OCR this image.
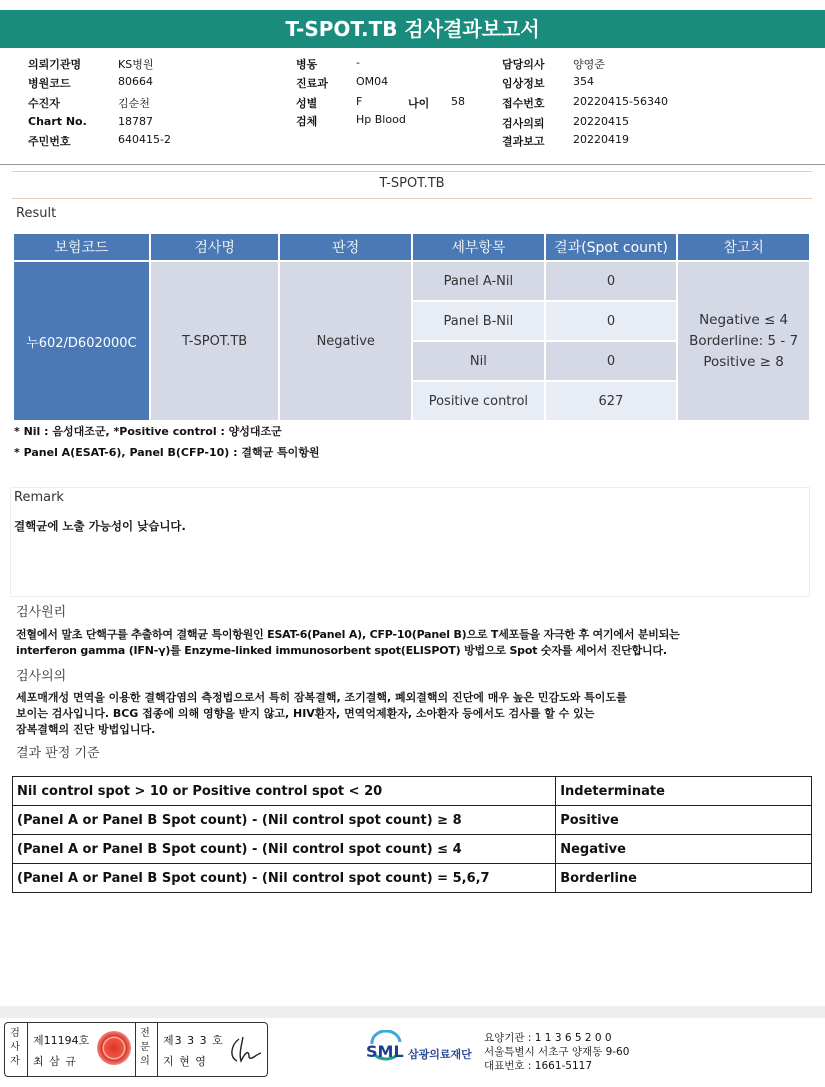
T-SPOT.TB 검사결과보고서
의뢰기관명	KS병원
병원코드	80664
수진자	김순천
Chart No.	18787
주민번호	640415-2
병동	-
진료과	OM04
성별	F	나이 58
검체	Hp Blood
담당의사	양영준
임상정보	354
접수번호	20220415-56340
검사의뢰	20220415
결과보고	20220419
T-SPOT.TB
Result
보험코드	검사명	판정	세부항목	결과(Spot count)	참고치
누602/D602000C	T-SPOT.TB	Negative	Panel A-Nil	0	Negative ≤ 4
Borderline: 5 - 7
Positive ≥ 8

			Panel B-Nil	0	
			Nil	0	
			Positive control	627	
* Nil : 음성대조군, *Positive control : 양성대조군
* Panel A(ESAT-6), Panel B(CFP-10) : 결핵균 특이항원
Remark
결핵균에 노출 가능성이 낮습니다.
검사원리
전혈에서 말초 단핵구를 추출하여 결핵균 특이항원인 ESAT-6(Panel A), CFP-10(Panel B)으로 T세포들을 자극한 후 여기에서 분비되는
interferon gamma (IFN-γ)를 Enzyme-linked immunosorbent spot(ELISPOT) 방법으로 Spot 숫자를 세어서 진단합니다.
검사의의
세포매개성 면역을 이용한 결핵감염의 측정법으로서 특히 잠복결핵, 조기결핵, 폐외결핵의 진단에 매우 높은 민감도와 특이도를
보이는 검사입니다. BCG 접종에 의해 영향을 받지 않고, HIV환자, 면역억제환자, 소아환자 등에서도 검사를 할 수 있는
잠복결핵의 진단 방법입니다.
결과 판정 기준
Nil control spot > 10 or Positive control spot < 20	Indeterminate
(Panel A or Panel B Spot count) - (Nil control spot count) ≥ 8	Positive
(Panel A or Panel B Spot count) - (Nil control spot count) ≤ 4	Negative
(Panel A or Panel B Spot count) - (Nil control spot count) = 5,6,7	Borderline
검사자
제11194호
최 삼 규
전문의
제3 3 3 호
지 현 영
SML 삼광의료재단
요양기관 : 1 1 3 6 5 2 0 0
서울특별시 서초구 양재동 9-60
대표번호 : 1661-5117
